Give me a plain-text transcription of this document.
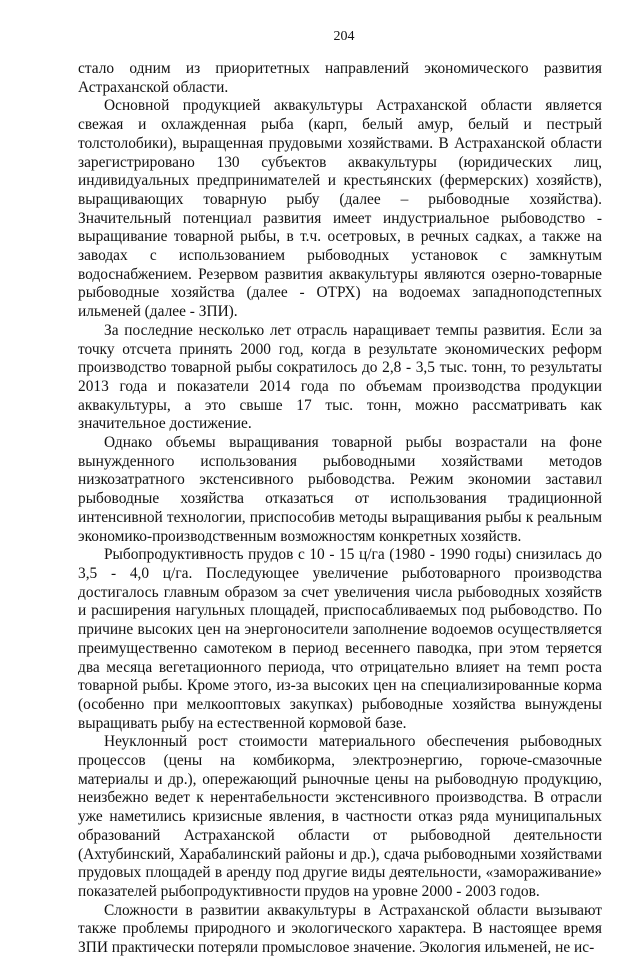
204

стало одним из приоритетных направлений экономического развития Астраханской области.

Основной продукцией аквакультуры Астраханской области является свежая и охлажденная рыба (карп, белый амур, белый и пестрый толстолобики), выращенная прудовыми хозяйствами. В Астраханской области зарегистрировано 130 субъектов аквакультуры (юридических лиц, индивидуальных предпринимателей и крестьянских (фермерских) хозяйств), выращивающих товарную рыбу (далее – рыбоводные хозяйства). Значительный потенциал развития имеет индустриальное рыбоводство - выращивание товарной рыбы, в т.ч. осетровых, в речных садках, а также на заводах с использованием рыбоводных установок с замкнутым водоснабжением. Резервом развития аквакультуры являются озерно-товарные рыбоводные хозяйства (далее - ОТРХ) на водоемах западноподстепных ильменей (далее - ЗПИ).

За последние несколько лет отрасль наращивает темпы развития. Если за точку отсчета принять 2000 год, когда в результате экономических реформ производство товарной рыбы сократилось до 2,8 - 3,5 тыс. тонн, то результаты 2013 года и показатели 2014 года по объемам производства продукции аквакультуры, а это свыше 17 тыс. тонн, можно рассматривать как значительное достижение.

Однако объемы выращивания товарной рыбы возрастали на фоне вынужденного использования рыбоводными хозяйствами методов низкозатратного экстенсивного рыбоводства. Режим экономии заставил рыбоводные хозяйства отказаться от использования традиционной интенсивной технологии, приспособив методы выращивания рыбы к реальным экономико-производственным возможностям конкретных хозяйств.

Рыбопродуктивность прудов с 10 - 15 ц/га (1980 - 1990 годы) снизилась до 3,5 - 4,0 ц/га. Последующее увеличение рыботоварного производства достигалось главным образом за счет увеличения числа рыбоводных хозяйств и расширения нагульных площадей, приспосабливаемых под рыбоводство. По причине высоких цен на энергоносители заполнение водоемов осуществляется преимущественно самотеком в период весеннего паводка, при этом теряется два месяца вегетационного периода, что отрицательно влияет на темп роста товарной рыбы. Кроме этого, из-за высоких цен на специализированные корма (особенно при мелкооптовых закупках) рыбоводные хозяйства вынуждены выращивать рыбу на естественной кормовой базе.

Неуклонный рост стоимости материального обеспечения рыбоводных процессов (цены на комбикорма, электроэнергию, горюче-смазочные материалы и др.), опережающий рыночные цены на рыбоводную продукцию, неизбежно ведет к нерентабельности экстенсивного производства. В отрасли уже наметились кризисные явления, в частности отказ ряда муниципальных образований Астраханской области от рыбоводной деятельности (Ахтубинский, Харабалинский районы и др.), сдача рыбоводными хозяйствами прудовых площадей в аренду под другие виды деятельности, «замораживание» показателей рыбопродуктивности прудов на уровне 2000 - 2003 годов.

Сложности в развитии аквакультуры в Астраханской области вызывают также проблемы природного и экологического характера. В настоящее время ЗПИ практически потеряли промысловое значение. Экология ильменей, не ис-
